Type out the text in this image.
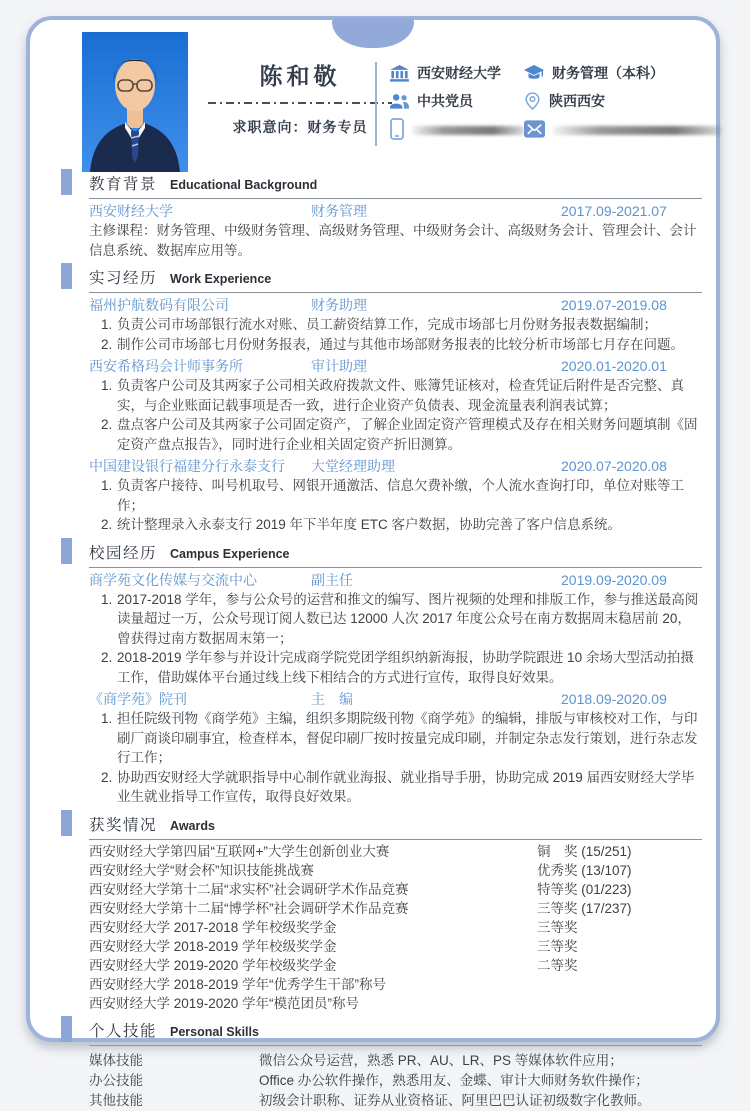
陈和敬
求职意向：财务专员
西安财经大学	财务管理（本科）
中共党员	陕西西安
教育背景 Educational Background
西安财经大学	财务管理	2017.09-2021.07
主修课程：财务管理、中级财务管理、高级财务管理、中级财务会计、高级财务会计、管理会计、会计信息系统、数据库应用等。
实习经历 Work Experience
福州护航数码有限公司	财务助理	2019.07-2019.08
1. 负责公司市场部银行流水对账、员工薪资结算工作，完成市场部七月份财务报表数据编制；
2. 制作公司市场部七月份财务报表，通过与其他市场部财务报表的比较分析市场部七月存在问题。
西安希格玛会计师事务所	审计助理	2020.01-2020.01
1. 负责客户公司及其两家子公司相关政府拨款文件、账簿凭证核对，检查凭证后附件是否完整、真实，与企业账面记载事项是否一致，进行企业资产负债表、现金流量表利润表试算；
2. 盘点客户公司及其两家子公司固定资产，了解企业固定资产管理模式及存在相关财务问题填制《固定资产盘点报告》，同时进行企业相关固定资产折旧测算。
中国建设银行福建分行永泰支行	大堂经理助理	2020.07-2020.08
1. 负责客户接待、叫号机取号、网银开通激活、信息欠费补缴，个人流水查询打印，单位对账等工作；
2. 统计整理录入永泰支行 2019 年下半年度 ETC 客户数据，协助完善了客户信息系统。
校园经历 Campus Experience
商学苑文化传媒与交流中心	副主任	2019.09-2020.09
1. 2017-2018 学年，参与公众号的运营和推文的编写、图片视频的处理和排版工作，参与推送最高阅读量超过一万，公众号现订阅人数已达 12000 人次 2017 年度公众号在南方数据周末稳居前 20，曾获得过南方数据周末第一；
2. 2018-2019 学年参与并设计完成商学院党团学组织纳新海报，协助学院跟进 10 余场大型活动拍摄工作，借助媒体平台通过线上线下相结合的方式进行宣传，取得良好效果。
《商学苑》院刊	主　编	2018.09-2020.09
1. 担任院级刊物《商学苑》主编，组织多期院级刊物《商学苑》的编辑，排版与审核校对工作，与印刷厂商谈印刷事宜，检查样本，督促印刷厂按时按量完成印刷，并制定杂志发行策划，进行杂志发行工作；
2. 协助西安财经大学就职指导中心制作就业海报、就业指导手册，协助完成 2019 届西安财经大学毕业生就业指导工作宣传，取得良好效果。
获奖情况 Awards
西安财经大学第四届“互联网+”大学生创新创业大赛	铜　奖 (15/251)
西安财经大学“财会杯”知识技能挑战赛	优秀奖 (13/107)
西安财经大学第十二届“求实杯”社会调研学术作品竞赛	特等奖 (01/223)
西安财经大学第十二届“博学杯”社会调研学术作品竞赛	三等奖 (17/237)
西安财经大学 2017-2018 学年校级奖学金	三等奖
西安财经大学 2018-2019 学年校级奖学金	三等奖
西安财经大学 2019-2020 学年校级奖学金	二等奖
西安财经大学 2018-2019 学年“优秀学生干部”称号
西安财经大学 2019-2020 学年“模范团员”称号
个人技能 Personal Skills
媒体技能	微信公众号运营，熟悉 PR、AU、LR、PS 等媒体软件应用；
办公技能	Office 办公软件操作，熟悉用友、金蝶、审计大师财务软件操作；
其他技能	初级会计职称、证券从业资格证、阿里巴巴认证初级数字化教师。
